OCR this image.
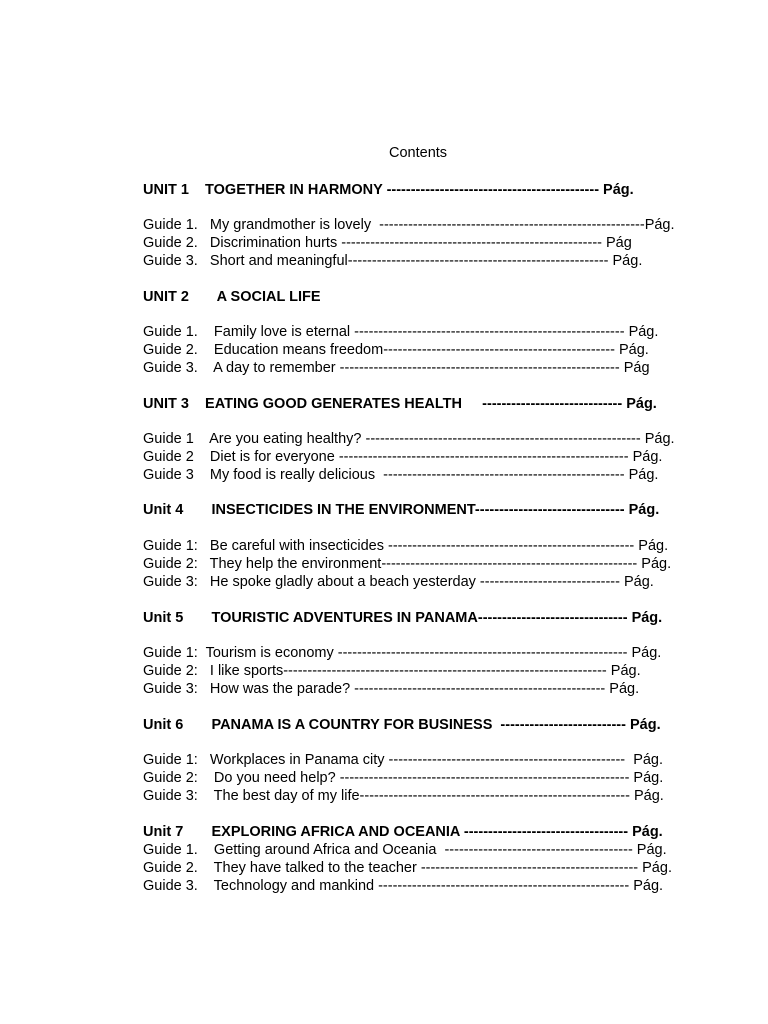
Contents
UNIT 1    TOGETHER IN HARMONY -------------------------------------------- Pág.
Guide 1.   My grandmother is lovely  -------------------------------------------------------Pág.
Guide 2.   Discrimination hurts ------------------------------------------------------ Pág
Guide 3.   Short and meaningful------------------------------------------------------ Pág.
UNIT 2       A SOCIAL LIFE
Guide 1.    Family love is eternal -------------------------------------------------------- Pág.
Guide 2.    Education means freedom------------------------------------------------ Pág.
Guide 3.    A day to remember ---------------------------------------------------------- Pág
UNIT 3    EATING GOOD GENERATES HEALTH     ----------------------------- Pág.
Guide 1    Are you eating healthy? --------------------------------------------------------- Pág.
Guide 2    Diet is for everyone ------------------------------------------------------------ Pág.
Guide 3    My food is really delicious  -------------------------------------------------- Pág.
Unit 4       INSECTICIDES IN THE ENVIRONMENT------------------------------- Pág.
Guide 1:   Be careful with insecticides --------------------------------------------------- Pág.
Guide 2:   They help the environment----------------------------------------------------- Pág.
Guide 3:   He spoke gladly about a beach yesterday ----------------------------- Pág.
Unit 5       TOURISTIC ADVENTURES IN PANAMA------------------------------- Pág.
Guide 1:  Tourism is economy ------------------------------------------------------------ Pág.
Guide 2:   I like sports------------------------------------------------------------------- Pág.
Guide 3:   How was the parade? ---------------------------------------------------- Pág.
Unit 6       PANAMA IS A COUNTRY FOR BUSINESS  -------------------------- Pág.
Guide 1:   Workplaces in Panama city -------------------------------------------------  Pág.
Guide 2:    Do you need help? ------------------------------------------------------------ Pág.
Guide 3:    The best day of my life-------------------------------------------------------- Pág.
Unit 7       EXPLORING AFRICA AND OCEANIA ---------------------------------- Pág.
Guide 1.    Getting around Africa and Oceania  --------------------------------------- Pág.
Guide 2.    They have talked to the teacher --------------------------------------------- Pág.
Guide 3.    Technology and mankind ---------------------------------------------------- Pág.
